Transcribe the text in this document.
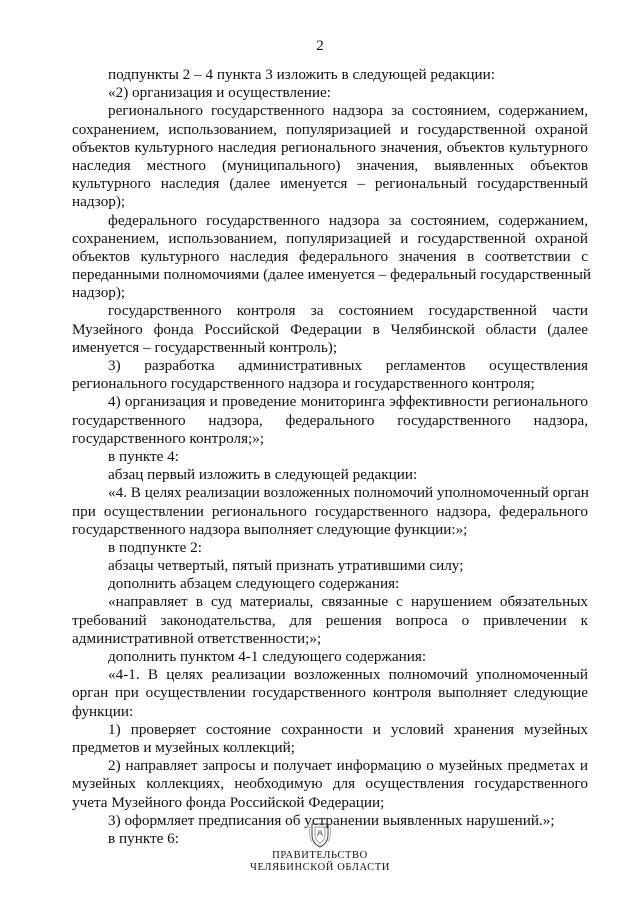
2
подпункты 2 – 4 пункта 3 изложить в следующей редакции:
«2) организация и осуществление:
регионального государственного надзора за состоянием, содержанием,
сохранением, использованием, популяризацией и государственной охраной
объектов культурного наследия регионального значения, объектов культурного
наследия местного (муниципального) значения, выявленных объектов
культурного наследия (далее именуется – региональный государственный
надзор);
федерального государственного надзора за состоянием, содержанием,
сохранением, использованием, популяризацией и государственной охраной
объектов культурного наследия федерального значения в соответствии с
переданными полномочиями (далее именуется – федеральный государственный
надзор);
государственного контроля за состоянием государственной части
Музейного фонда Российской Федерации в Челябинской области (далее
именуется – государственный контроль);
3) разработка административных регламентов осуществления
регионального государственного надзора и государственного контроля;
4) организация и проведение мониторинга эффективности регионального
государственного надзора, федерального государственного надзора,
государственного контроля;»;
в пункте 4:
абзац первый изложить в следующей редакции:
«4. В целях реализации возложенных полномочий уполномоченный орган
при осуществлении регионального государственного надзора, федерального
государственного надзора выполняет следующие функции:»;
в подпункте 2:
абзацы четвертый, пятый признать утратившими силу;
дополнить абзацем следующего содержания:
«направляет в суд материалы, связанные с нарушением обязательных
требований законодательства, для решения вопроса о привлечении к
административной ответственности;»;
дополнить пунктом 4-1 следующего содержания:
«4-1. В целях реализации возложенных полномочий уполномоченный
орган при осуществлении государственного контроля выполняет следующие
функции:
1) проверяет состояние сохранности и условий хранения музейных
предметов и музейных коллекций;
2) направляет запросы и получает информацию о музейных предметах и
музейных коллекциях, необходимую для осуществления государственного
учета Музейного фонда Российской Федерации;
3) оформляет предписания об устранении выявленных нарушений.»;
в пункте 6:
ПРАВИТЕЛЬСТВО
ЧЕЛЯБИНСКОЙ ОБЛАСТИ
